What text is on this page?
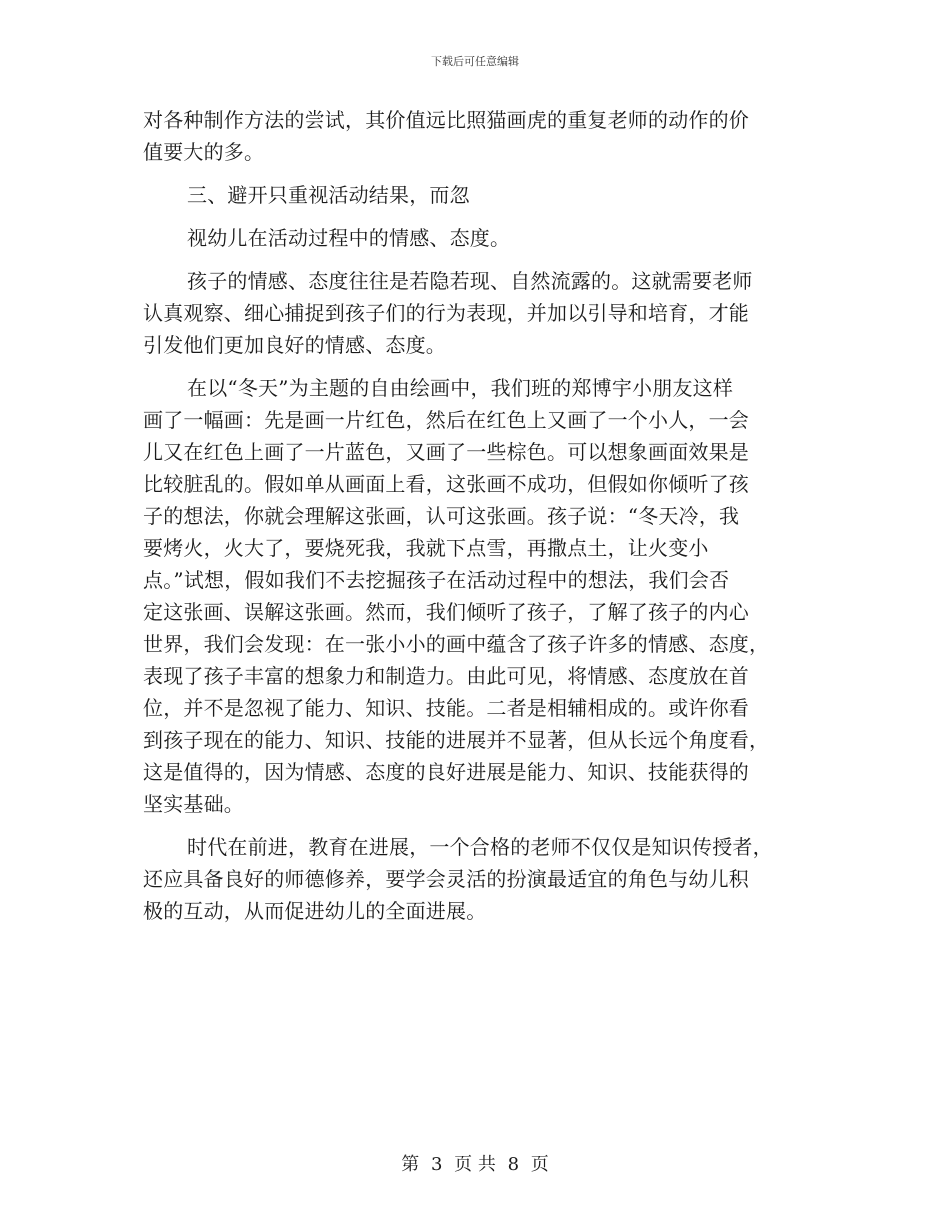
下载后可任意编辑

对各种制作方法的尝试，其价值远比照猫画虎的重复老师的动作的价

值要大的多。

三、避开只重视活动结果，而忽

视幼儿在活动过程中的情感、态度。

孩子的情感、态度往往是若隐若现、自然流露的。这就需要老师

认真观察、细心捕捉到孩子们的行为表现，并加以引导和培育，才能

引发他们更加良好的情感、态度。

在以“冬天”为主题的自由绘画中，我们班的郑博宇小朋友这样

画了一幅画：先是画一片红色，然后在红色上又画了一个小人，一会

儿又在红色上画了一片蓝色，又画了一些棕色。可以想象画面效果是

比较脏乱的。假如单从画面上看，这张画不成功，但假如你倾听了孩

子的想法，你就会理解这张画，认可这张画。孩子说：“冬天冷，我

要烤火，火大了，要烧死我，我就下点雪，再撒点土，让火变小

点。”试想，假如我们不去挖掘孩子在活动过程中的想法，我们会否

定这张画、误解这张画。然而，我们倾听了孩子，了解了孩子的内心

世界，我们会发现：在一张小小的画中蕴含了孩子许多的情感、态度，

表现了孩子丰富的想象力和制造力。由此可见，将情感、态度放在首

位，并不是忽视了能力、知识、技能。二者是相辅相成的。或许你看

到孩子现在的能力、知识、技能的进展并不显著，但从长远个角度看，

这是值得的，因为情感、态度的良好进展是能力、知识、技能获得的

坚实基础。

时代在前进，教育在进展，一个合格的老师不仅仅是知识传授者，

还应具备良好的师德修养，要学会灵活的扮演最适宜的角色与幼儿积

极的互动，从而促进幼儿的全面进展。

第 3 页 共 8 页
